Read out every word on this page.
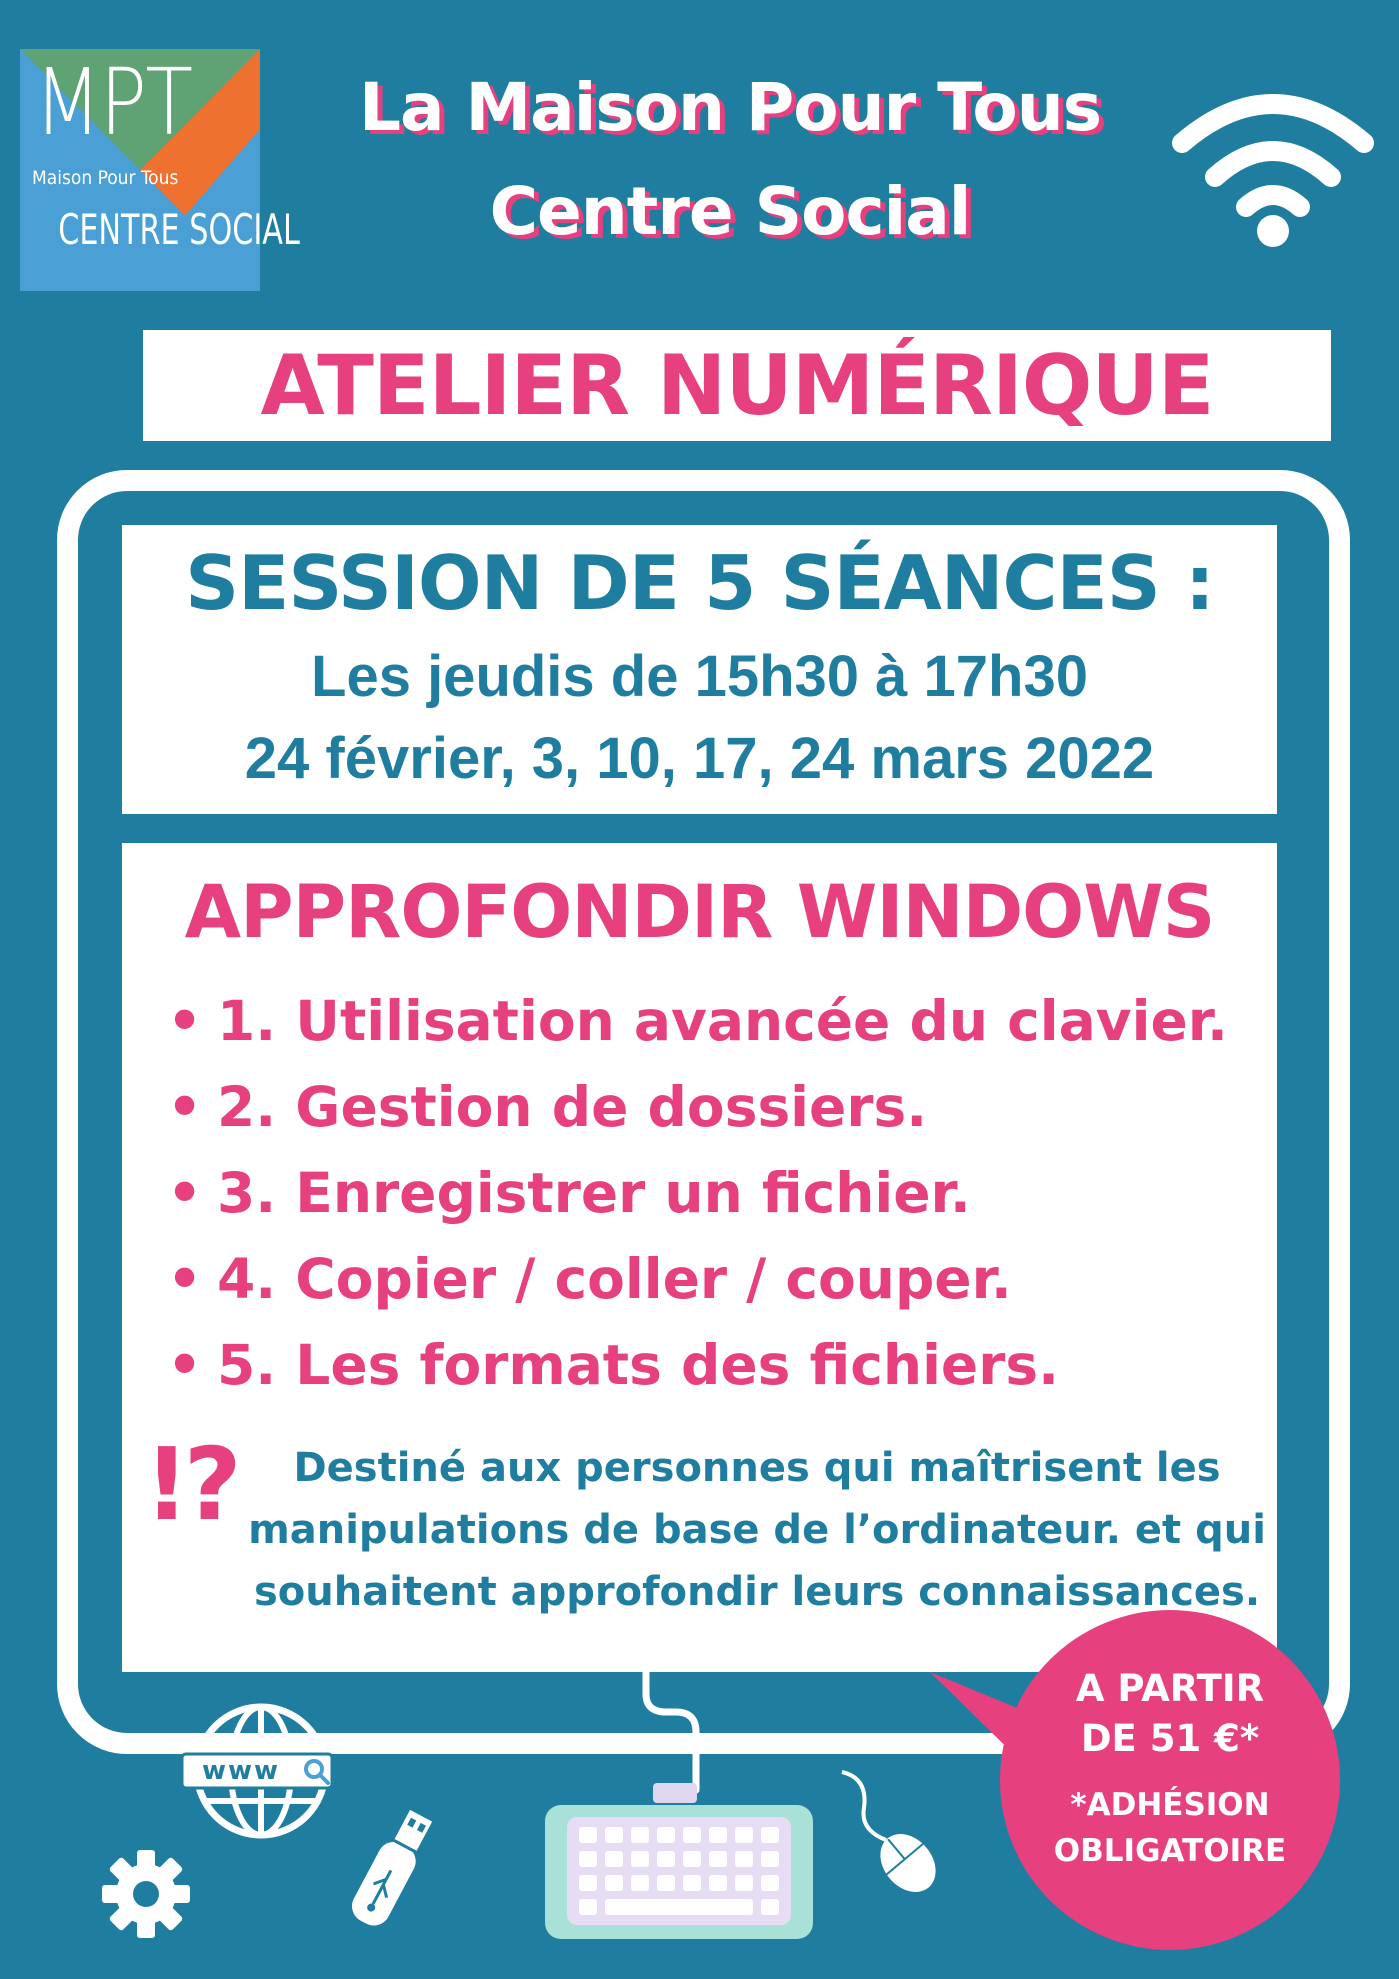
MPT
Maison Pour Tous
CENTRE SOCIAL
La Maison Pour Tous
Centre Social
ATELIER NUMÉRIQUE
SESSION DE 5 SÉANCES :
Les jeudis de 15h30 à 17h30
24 février, 3, 10, 17, 24 mars 2022
APPROFONDIR WINDOWS
• 1. Utilisation avancée du clavier.
• 2. Gestion de dossiers.
• 3. Enregistrer un fichier.
• 4. Copier / coller / couper.
• 5. Les formats des fichiers.
!?	Destiné aux personnes qui maîtrisent les
manipulations de base de l’ordinateur. et qui
souhaitent approfondir leurs connaissances.
www
A PARTIR
DE 51 €*
*ADHÉSION
OBLIGATOIRE
